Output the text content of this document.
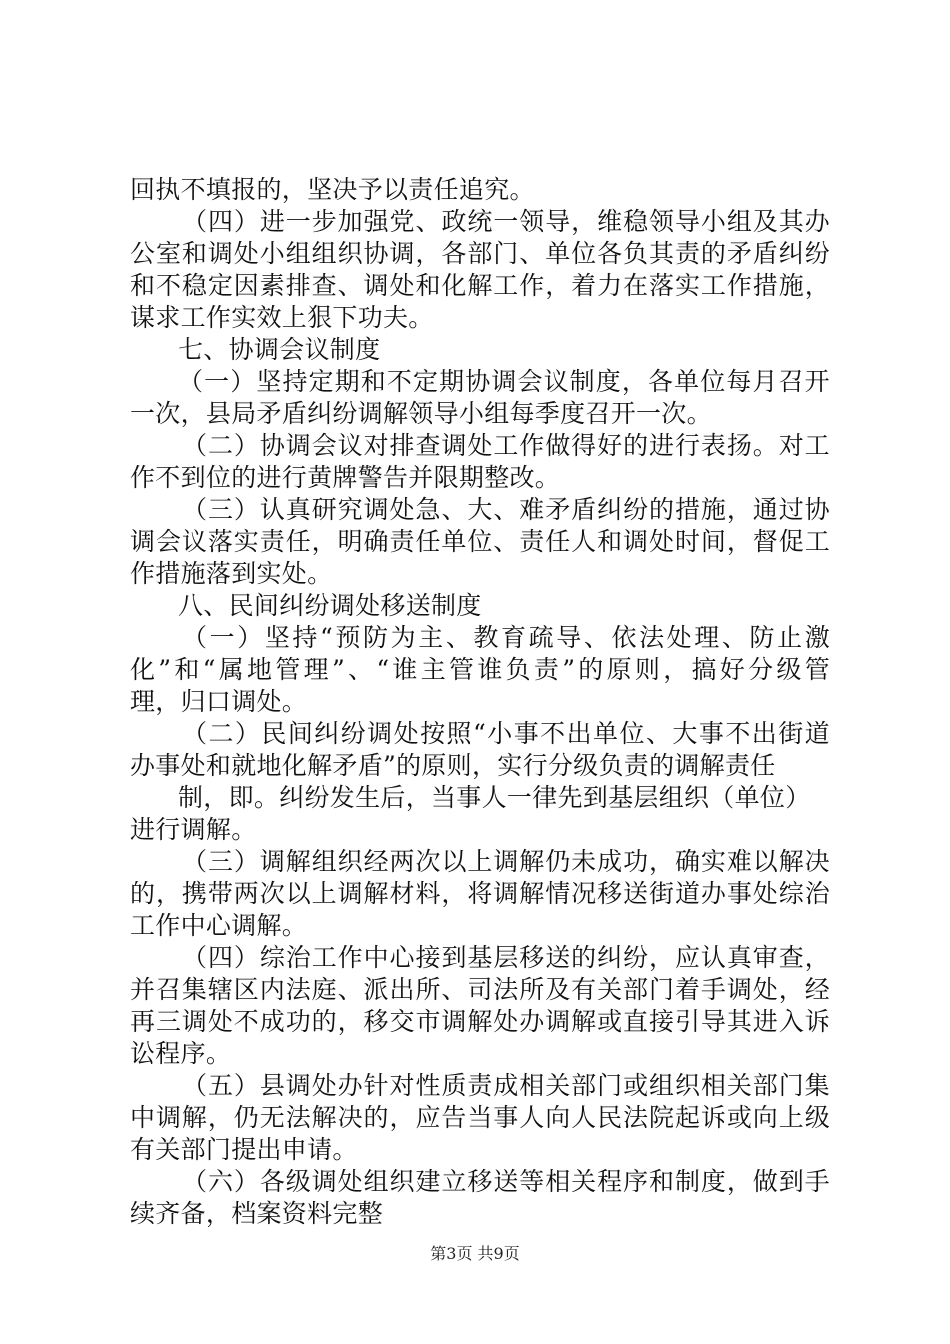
回执不填报的，坚决予以责任追究。
（四）进一步加强党、政统一领导，维稳领导小组及其办
公室和调处小组组织协调，各部门、单位各负其责的矛盾纠纷
和不稳定因素排查、调处和化解工作，着力在落实工作措施，
谋求工作实效上狠下功夫。
七、协调会议制度
（一）坚持定期和不定期协调会议制度，各单位每月召开
一次，县局矛盾纠纷调解领导小组每季度召开一次。
（二）协调会议对排查调处工作做得好的进行表扬。对工
作不到位的进行黄牌警告并限期整改。
（三）认真研究调处急、大、难矛盾纠纷的措施，通过协
调会议落实责任，明确责任单位、责任人和调处时间，督促工
作措施落到实处。
八、民间纠纷调处移送制度
（一）坚持“预防为主、教育疏导、依法处理、防止激
化”和“属地管理”、“谁主管谁负责”的原则，搞好分级管
理，归口调处。
（二）民间纠纷调处按照“小事不出单位、大事不出街道
办事处和就地化解矛盾”的原则，实行分级负责的调解责任
制，即。纠纷发生后，当事人一律先到基层组织（单位）
进行调解。
（三）调解组织经两次以上调解仍未成功，确实难以解决
的，携带两次以上调解材料，将调解情况移送街道办事处综治
工作中心调解。
（四）综治工作中心接到基层移送的纠纷，应认真审查，
并召集辖区内法庭、派出所、司法所及有关部门着手调处，经
再三调处不成功的，移交市调解处办调解或直接引导其进入诉
讼程序。
（五）县调处办针对性质责成相关部门或组织相关部门集
中调解，仍无法解决的，应告当事人向人民法院起诉或向上级
有关部门提出申请。
（六）各级调处组织建立移送等相关程序和制度，做到手
续齐备，档案资料完整
第3页 共9页
